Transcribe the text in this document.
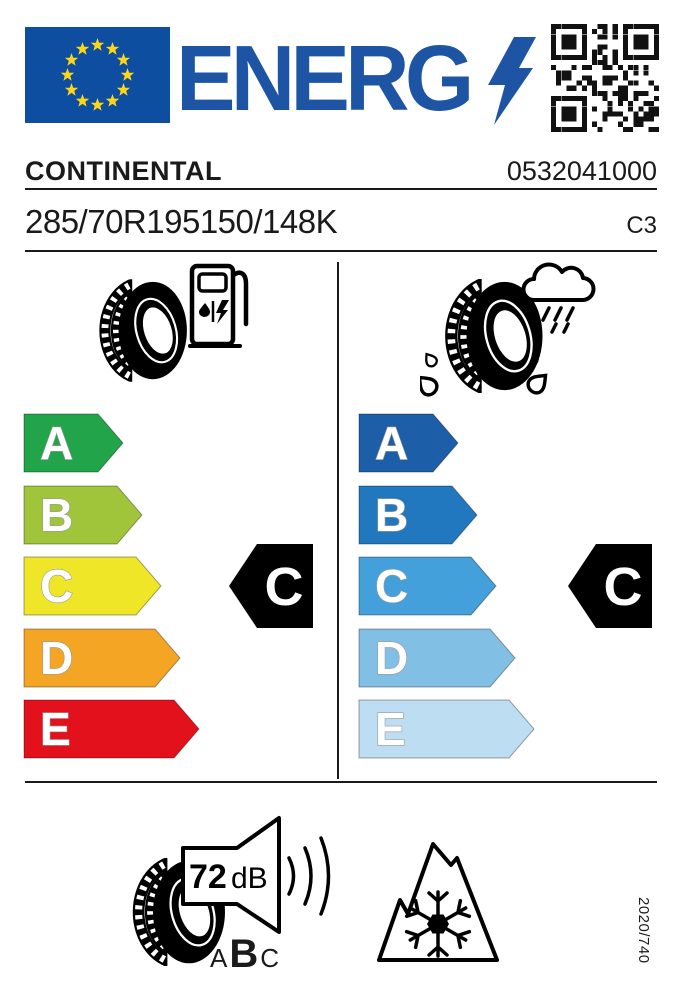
ENERG
CONTINENTAL	0532041000
285/70R195150/148K	C3
A
B
C
D
E
C
A
B
C
D
E
C
72 dB
A B C	2020/740
